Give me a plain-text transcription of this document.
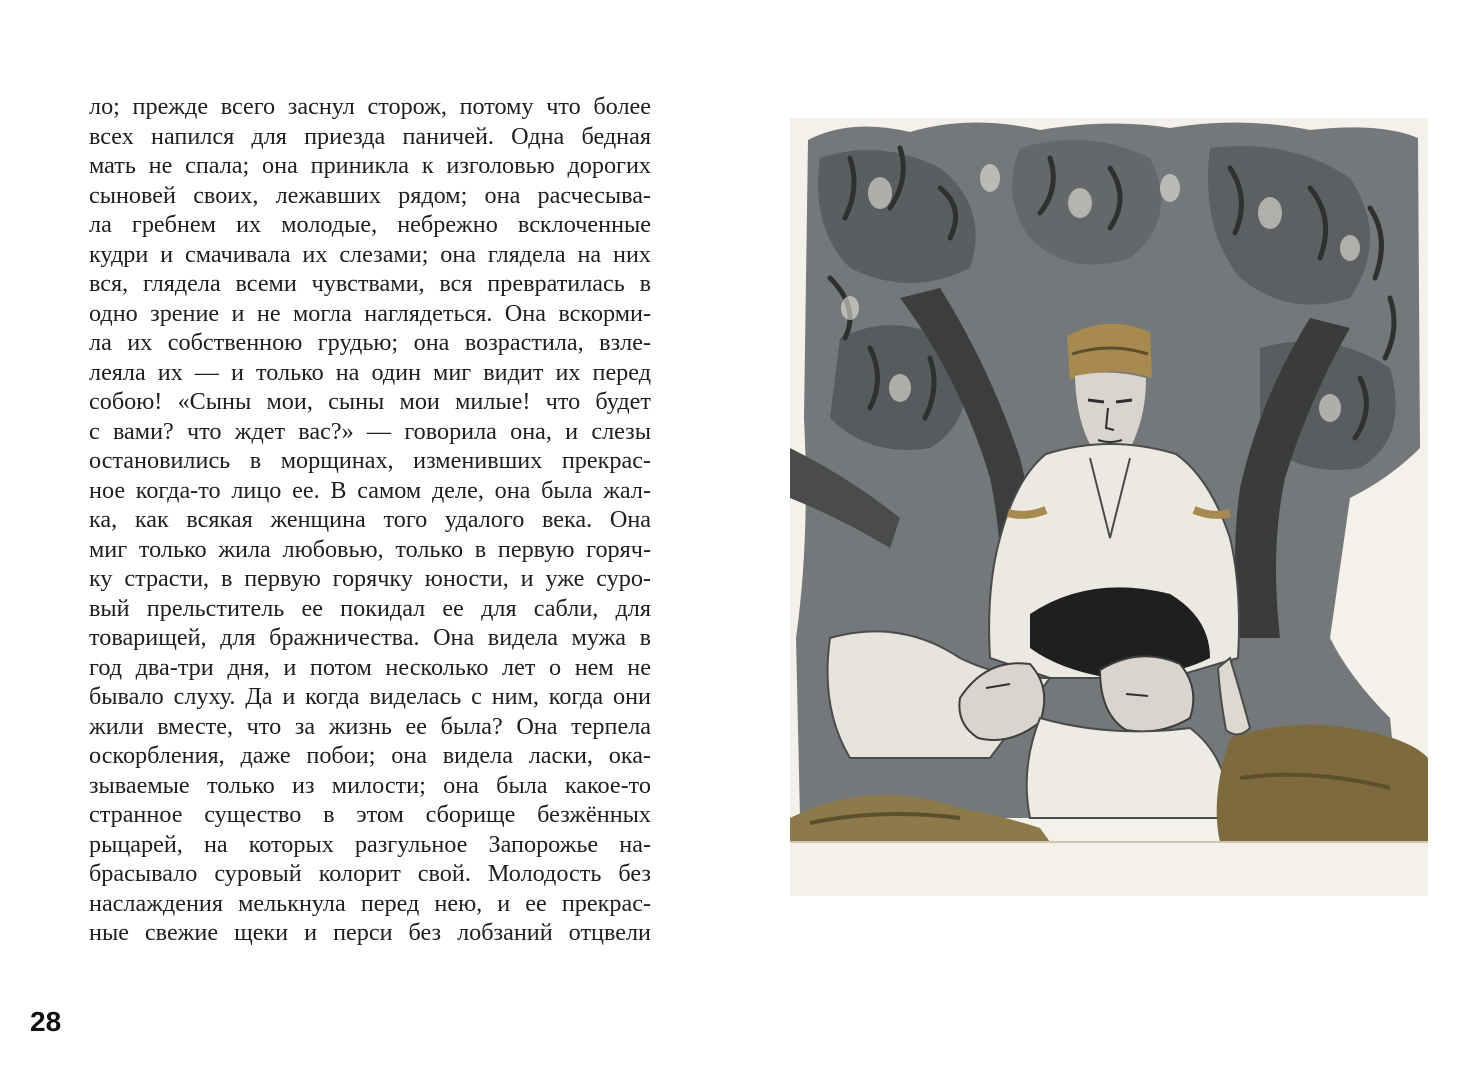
ло; прежде всего заснул сторож, потому что более
всех напился для приезда паничей. Одна бедная
мать не спала; она приникла к изголовью дорогих
сыновей своих, лежавших рядом; она расчесыва-
ла гребнем их молодые, небрежно всклоченные
кудри и смачивала их слезами; она глядела на них
вся, глядела всеми чувствами, вся превратилась в
одно зрение и не могла наглядеться. Она вскорми-
ла их собственною грудью; она возрастила, взле-
леяла их — и только на один миг видит их перед
собою! «Сыны мои, сыны мои милые! что будет
с вами? что ждет вас?» — говорила она, и слезы
остановились в морщинах, изменивших прекрас-
ное когда-то лицо ее. В самом деле, она была жал-
ка, как всякая женщина того удалого века. Она
миг только жила любовью, только в первую горяч-
ку страсти, в первую горячку юности, и уже суро-
вый прельститель ее покидал ее для сабли, для
товарищей, для бражничества. Она видела мужа в
год два-три дня, и потом несколько лет о нем не
бывало слуху. Да и когда виделась с ним, когда они
жили вместе, что за жизнь ее была? Она терпела
оскорбления, даже побои; она видела ласки, ока-
зываемые только из милости; она была какое-то
странное существо в этом сборище безжённых
рыцарей, на которых разгульное Запорожье на-
брасывало суровый колорит свой. Молодость без
наслаждения мелькнула перед нею, и ее прекрас-
ные свежие щеки и перси без лобзаний отцвели
28
